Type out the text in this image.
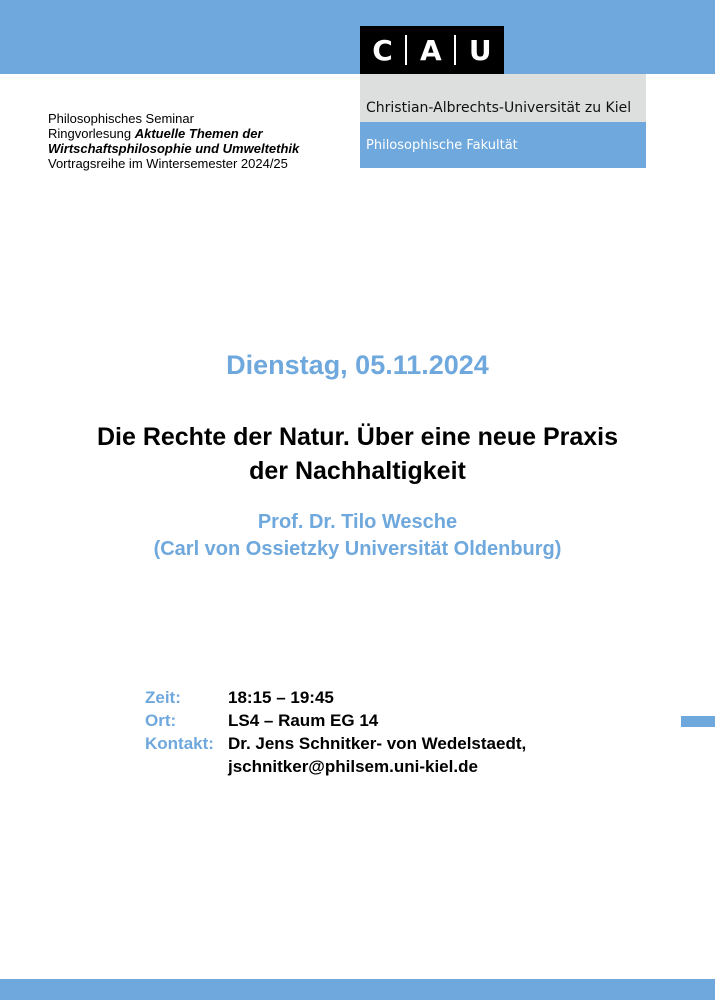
C A U
Christian-Albrechts-Universität zu Kiel
Philosophische Fakultät
Philosophisches Seminar
Ringvorlesung Aktuelle Themen der
Wirtschaftsphilosophie und Umweltethik
Vortragsreihe im Wintersemester 2024/25
Dienstag, 05.11.2024
Die Rechte der Natur. Über eine neue Praxis
der Nachhaltigkeit
Prof. Dr. Tilo Wesche
(Carl von Ossietzky Universität Oldenburg)
Zeit:	18:15 – 19:45
Ort:	LS4 – Raum EG 14
Kontakt: Dr. Jens Schnitker- von Wedelstaedt,
jschnitker@philsem.uni-kiel.de
